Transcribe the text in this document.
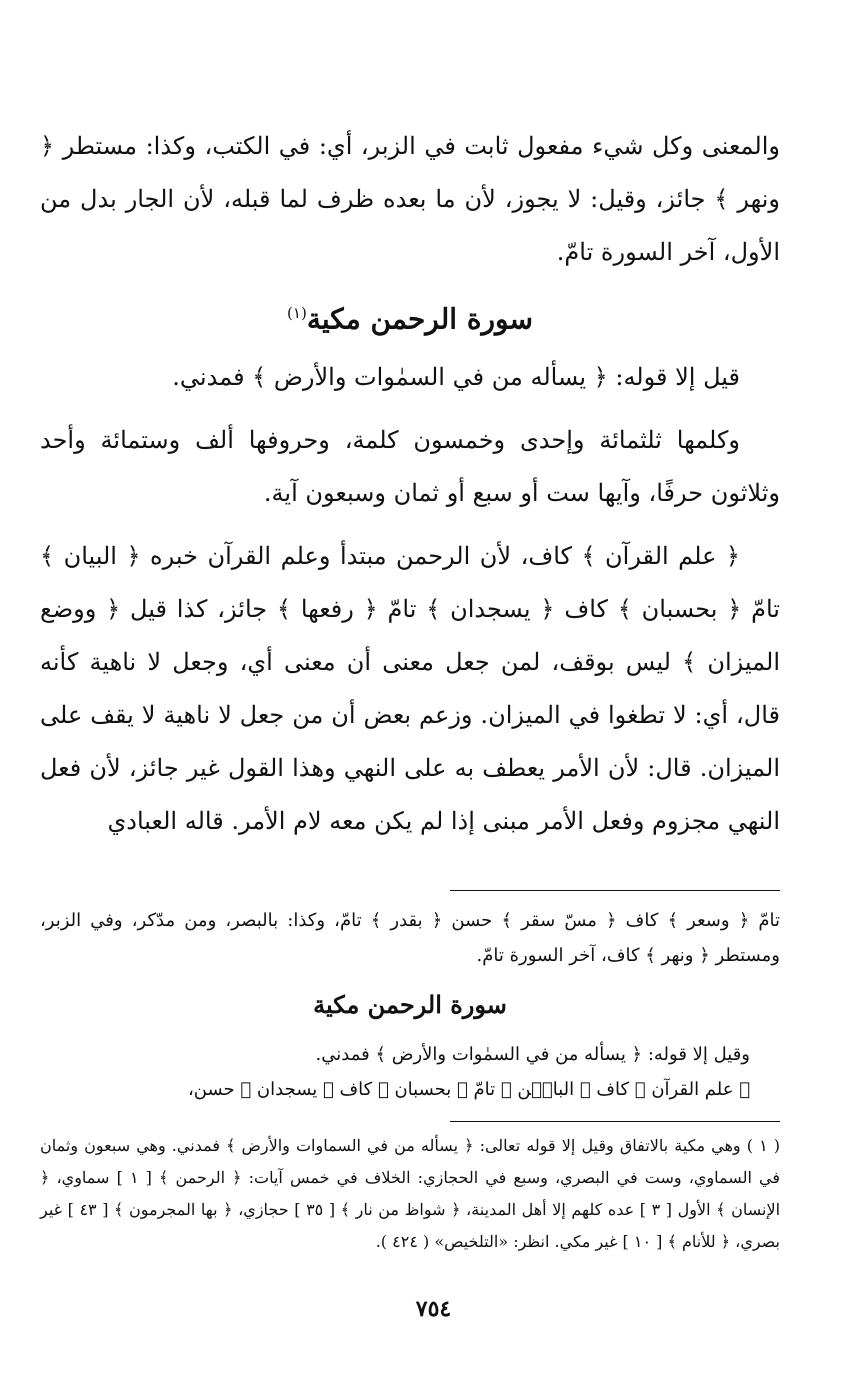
والمعنى وكل شيء مفعول ثابت في الزبر، أي: في الكتب، وكذا: مستطر ﴿ ونهر ﴾ جائز، وقيل: لا يجوز، لأن ما بعده ظرف لما قبله، لأن الجار بدل من الأول، آخر السورة تامّ.

سورة الرحمن مكية$^{(١)}$

قيل إلا قوله: ﴿ يسأله من في السمٰوات والأرض ﴾ فمدني.

وكلمها ثلثمائة وإحدى وخمسون كلمة، وحروفها ألف وستمائة وأحد وثلاثون حرفًا، وآيها ست أو سبع أو ثمان وسبعون آية.

﴿ علم القرآن ﴾ كاف، لأن الرحمن مبتدأ وعلم القرآن خبره ﴿ البيان ﴾ تامّ ﴿ بحسبان ﴾ كاف ﴿ يسجدان ﴾ تامّ ﴿ رفعها ﴾ جائز، كذا قيل ﴿ ووضع الميزان ﴾ ليس بوقف، لمن جعل معنى أن معنى أي، وجعل لا ناهية كأنه قال، أي: لا تطغوا في الميزان. وزعم بعض أن من جعل لا ناهية لا يقف على الميزان. قال: لأن الأمر يعطف به على النهي وهذا القول غير جائز، لأن فعل النهي مجزوم وفعل الأمر مبنى إذا لم يكن معه لام الأمر. قاله العبادي

تامّ ﴿ وسعر ﴾ كاف ﴿ مسّ سقر ﴾ حسن ﴿ بقدر ﴾ تامّ، وكذا: بالبصر، ومن مدّكر، وفي الزبر، ومستطر ﴿ ونهر ﴾ كاف، آخر السورة تامّ.

سورة الرحمن مكية

وقيل إلا قوله: ﴿ يسأله من في السمٰوات والأرض ﴾ فمدني.

﴿ علم القرآن ﴾ كاف ﴿ البايٖن ﴾ تامّ ﴿ بحسبان ﴾ كاف ﴿ يسجدان ﴾ حسن،

( ١ ) وهي مكية بالاتفاق وقيل إلا قوله تعالى: ﴿ يسأله من في السماوات والأرض ﴾ فمدني. وهي سبعون وثمان في السماوي، وست في البصري، وسبع في الحجازي: الخلاف في خمس آيات: ﴿ الرحمن ﴾ [ ١ ] سماوي، ﴿ الإنسان ﴾ الأول [ ٣ ] عده كلهم إلا أهل المدينة، ﴿ شواظ من نار ﴾ [ ٣٥ ] حجازي، ﴿ بها المجرمون ﴾ [ ٤٣ ] غير بصري، ﴿ للأنام ﴾ [ ١٠ ] غير مكي. انظر: «التلخيص» ( ٤٢٤ ).

٧٥٤
